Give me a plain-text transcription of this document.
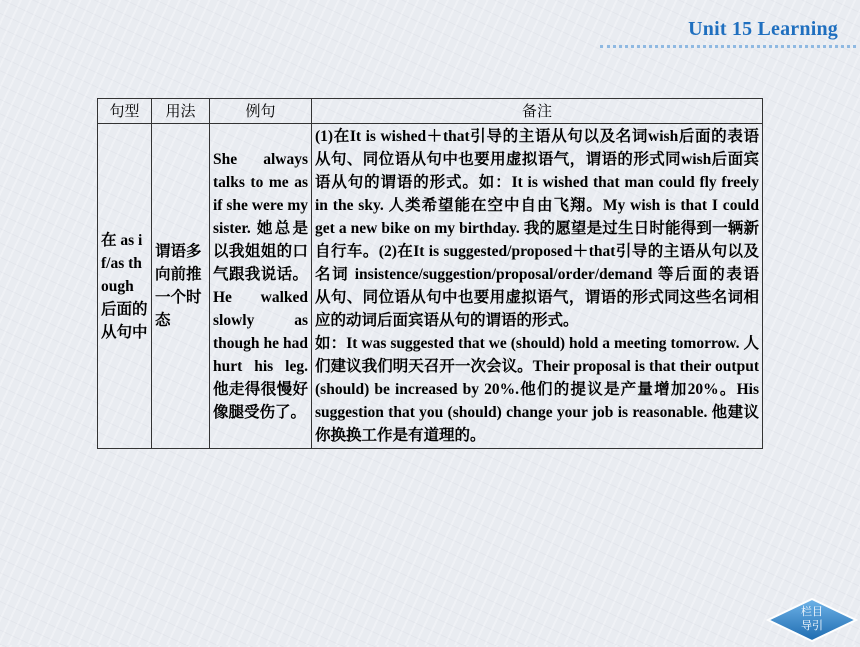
Unit 15 Learning
句型	用法	例句	备注
在 as if/as though后面的 从句中	谓语多向前推一个时态	She always talks to me as if she were my sister. 她总是以我姐姐的口气跟我说话。 He walked slowly as though he had hurt his leg. 他走得很慢好像腿受伤了。	(1)在It is wished＋that引导的主语从句以及名词wish后面的表语从句、同位语从句中也要用虚拟语气，谓语的形式同wish后面宾语从句的谓语的形式。如：It is wished that man could fly freely in the sky. 人类希望能在空中自由飞翔。My wish is that I could get a new bike on my birthday. 我的愿望是过生日时能得到一辆新自行车。(2)在It is suggested/proposed＋that引导的主语从句以及名词 insistence/suggestion/proposal/order/demand 等后面的表语从句、同位语从句中也要用虚拟语气，谓语的形式同这些名词相应的动词后面宾语从句的谓语的形式。
如：It was suggested that we (should) hold a meeting tomorrow. 人们建议我们明天召开一次会议。Their proposal is that their output (should) be increased by 20%.他们的提议是产量增加20%。His suggestion that you (should) change your job is reasonable. 他建议你换换工作是有道理的。
栏目
导引
